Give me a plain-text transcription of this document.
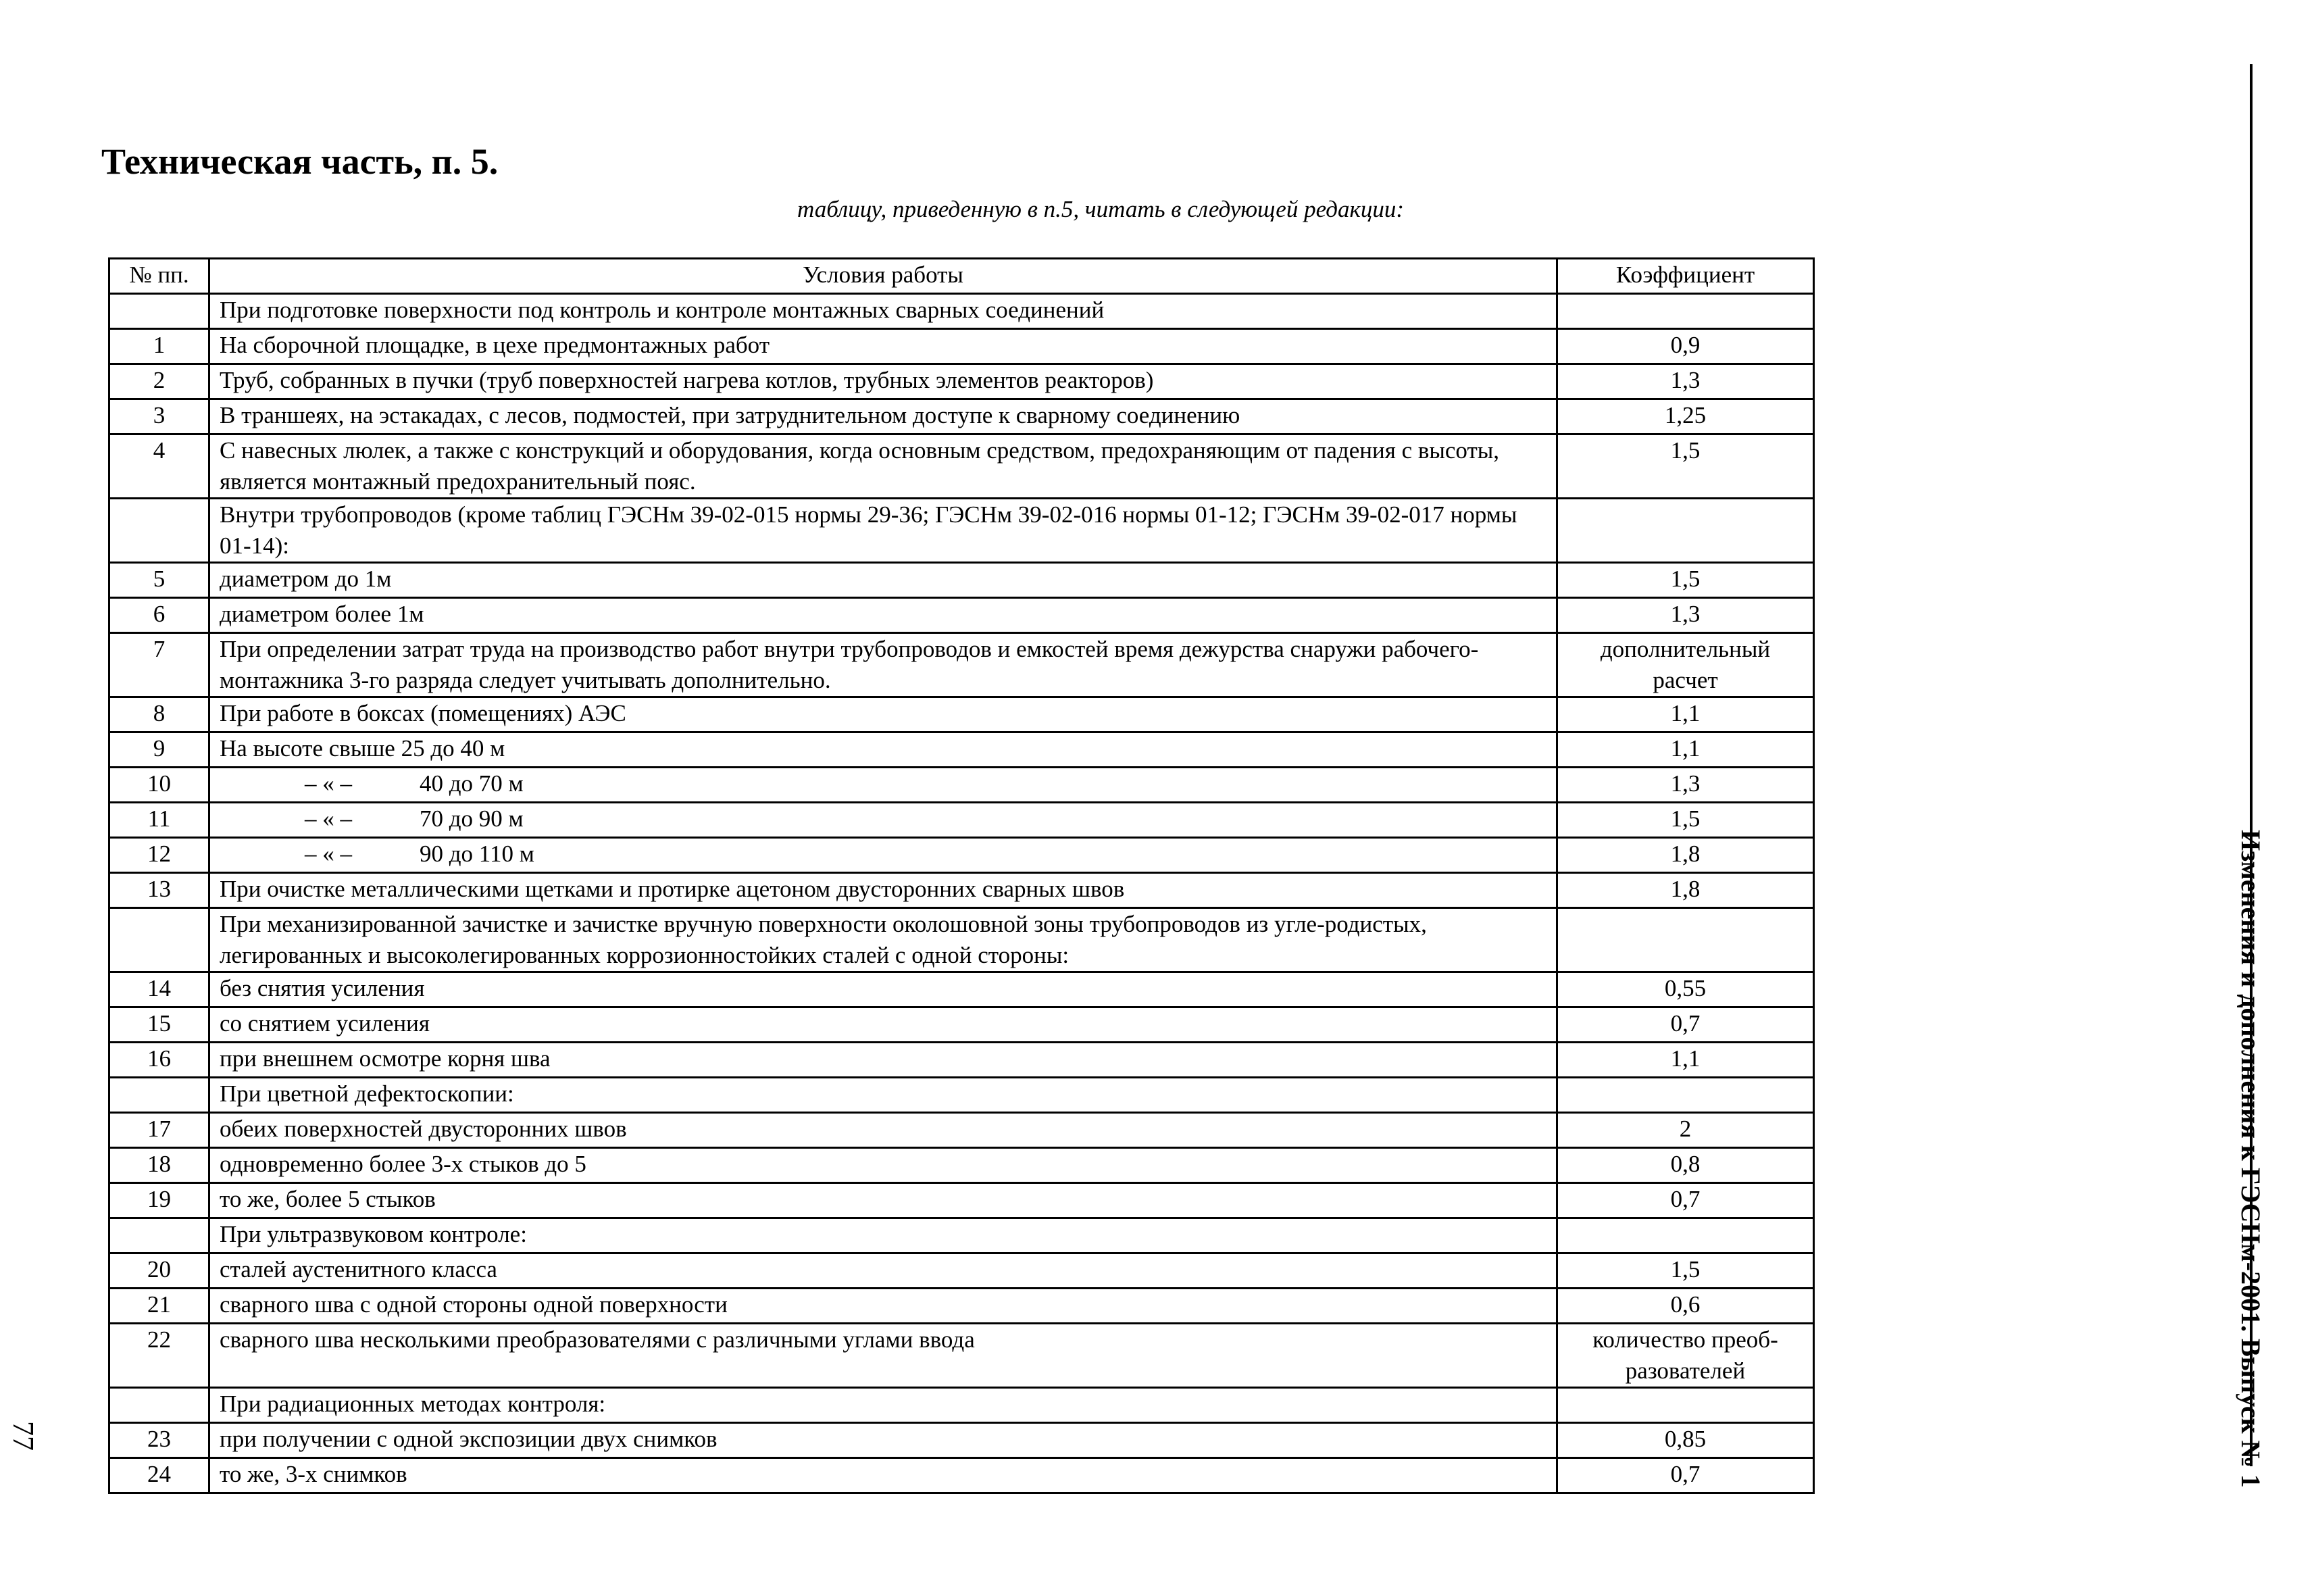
Техническая часть, п. 5.
таблицу, приведенную в п.5, читать в следующей редакции:
№ пп.	Условия работы	Коэффициент
	При подготовке поверхности под контроль и контроле монтажных сварных соединений	
1	На сборочной площадке, в цехе предмонтажных работ	0,9
2	Труб, собранных в пучки (труб поверхностей нагрева котлов, трубных элементов реакторов)	1,3
3	В траншеях, на эстакадах, с лесов, подмостей, при затруднительном доступе к сварному соединению	1,25
4	С навесных люлек, а также с конструкций и оборудования, когда основным средством, предохраняющим от падения с высоты, является монтажный предохранительный пояс.	1,5
	Внутри трубопроводов (кроме таблиц ГЭСНм 39-02-015 нормы 29-36; ГЭСНм 39-02-016 нормы 01-12; ГЭСНм 39-02-017 нормы 01-14):	
5	диаметром до 1м	1,5
6	диаметром более 1м	1,3
7	При определении затрат труда на производство работ внутри трубопроводов и емкостей время дежурства снаружи рабочего-монтажника 3-го разряда следует учитывать дополнительно.	дополнительный расчет
8	При работе в боксах (помещениях) АЭС	1,1
9	На высоте свыше 25 до 40 м	1,1
10	– « – 40 до 70 м	1,3
11	– « – 70 до 90 м	1,5
12	– « – 90 до 110 м	1,8
13	При очистке металлическими щетками и протирке ацетоном двусторонних сварных швов	1,8
	При механизированной зачистке и зачистке вручную поверхности околошовной зоны трубопроводов из угле-родистых, легированных и высоколегированных коррозионностойких сталей с одной стороны:	
14	без снятия усиления	0,55
15	со снятием усиления	0,7
16	при внешнем осмотре корня шва	1,1
	При цветной дефектоскопии:	
17	обеих поверхностей двусторонних швов	2
18	одновременно более 3-х стыков до 5	0,8
19	то же, более 5 стыков	0,7
	При ультразвуковом контроле:	
20	сталей аустенитного класса	1,5
21	сварного шва с одной стороны одной поверхности	0,6
22	сварного шва несколькими преобразователями с различными углами ввода	количество преоб-разователей
	При радиационных методах контроля:	
23	при получении с одной экспозиции двух снимков	0,85
24	то же, 3-х снимков	0,7	Изменения и дополнения к ГЭСНм-2001. Выпуск № 1
77
